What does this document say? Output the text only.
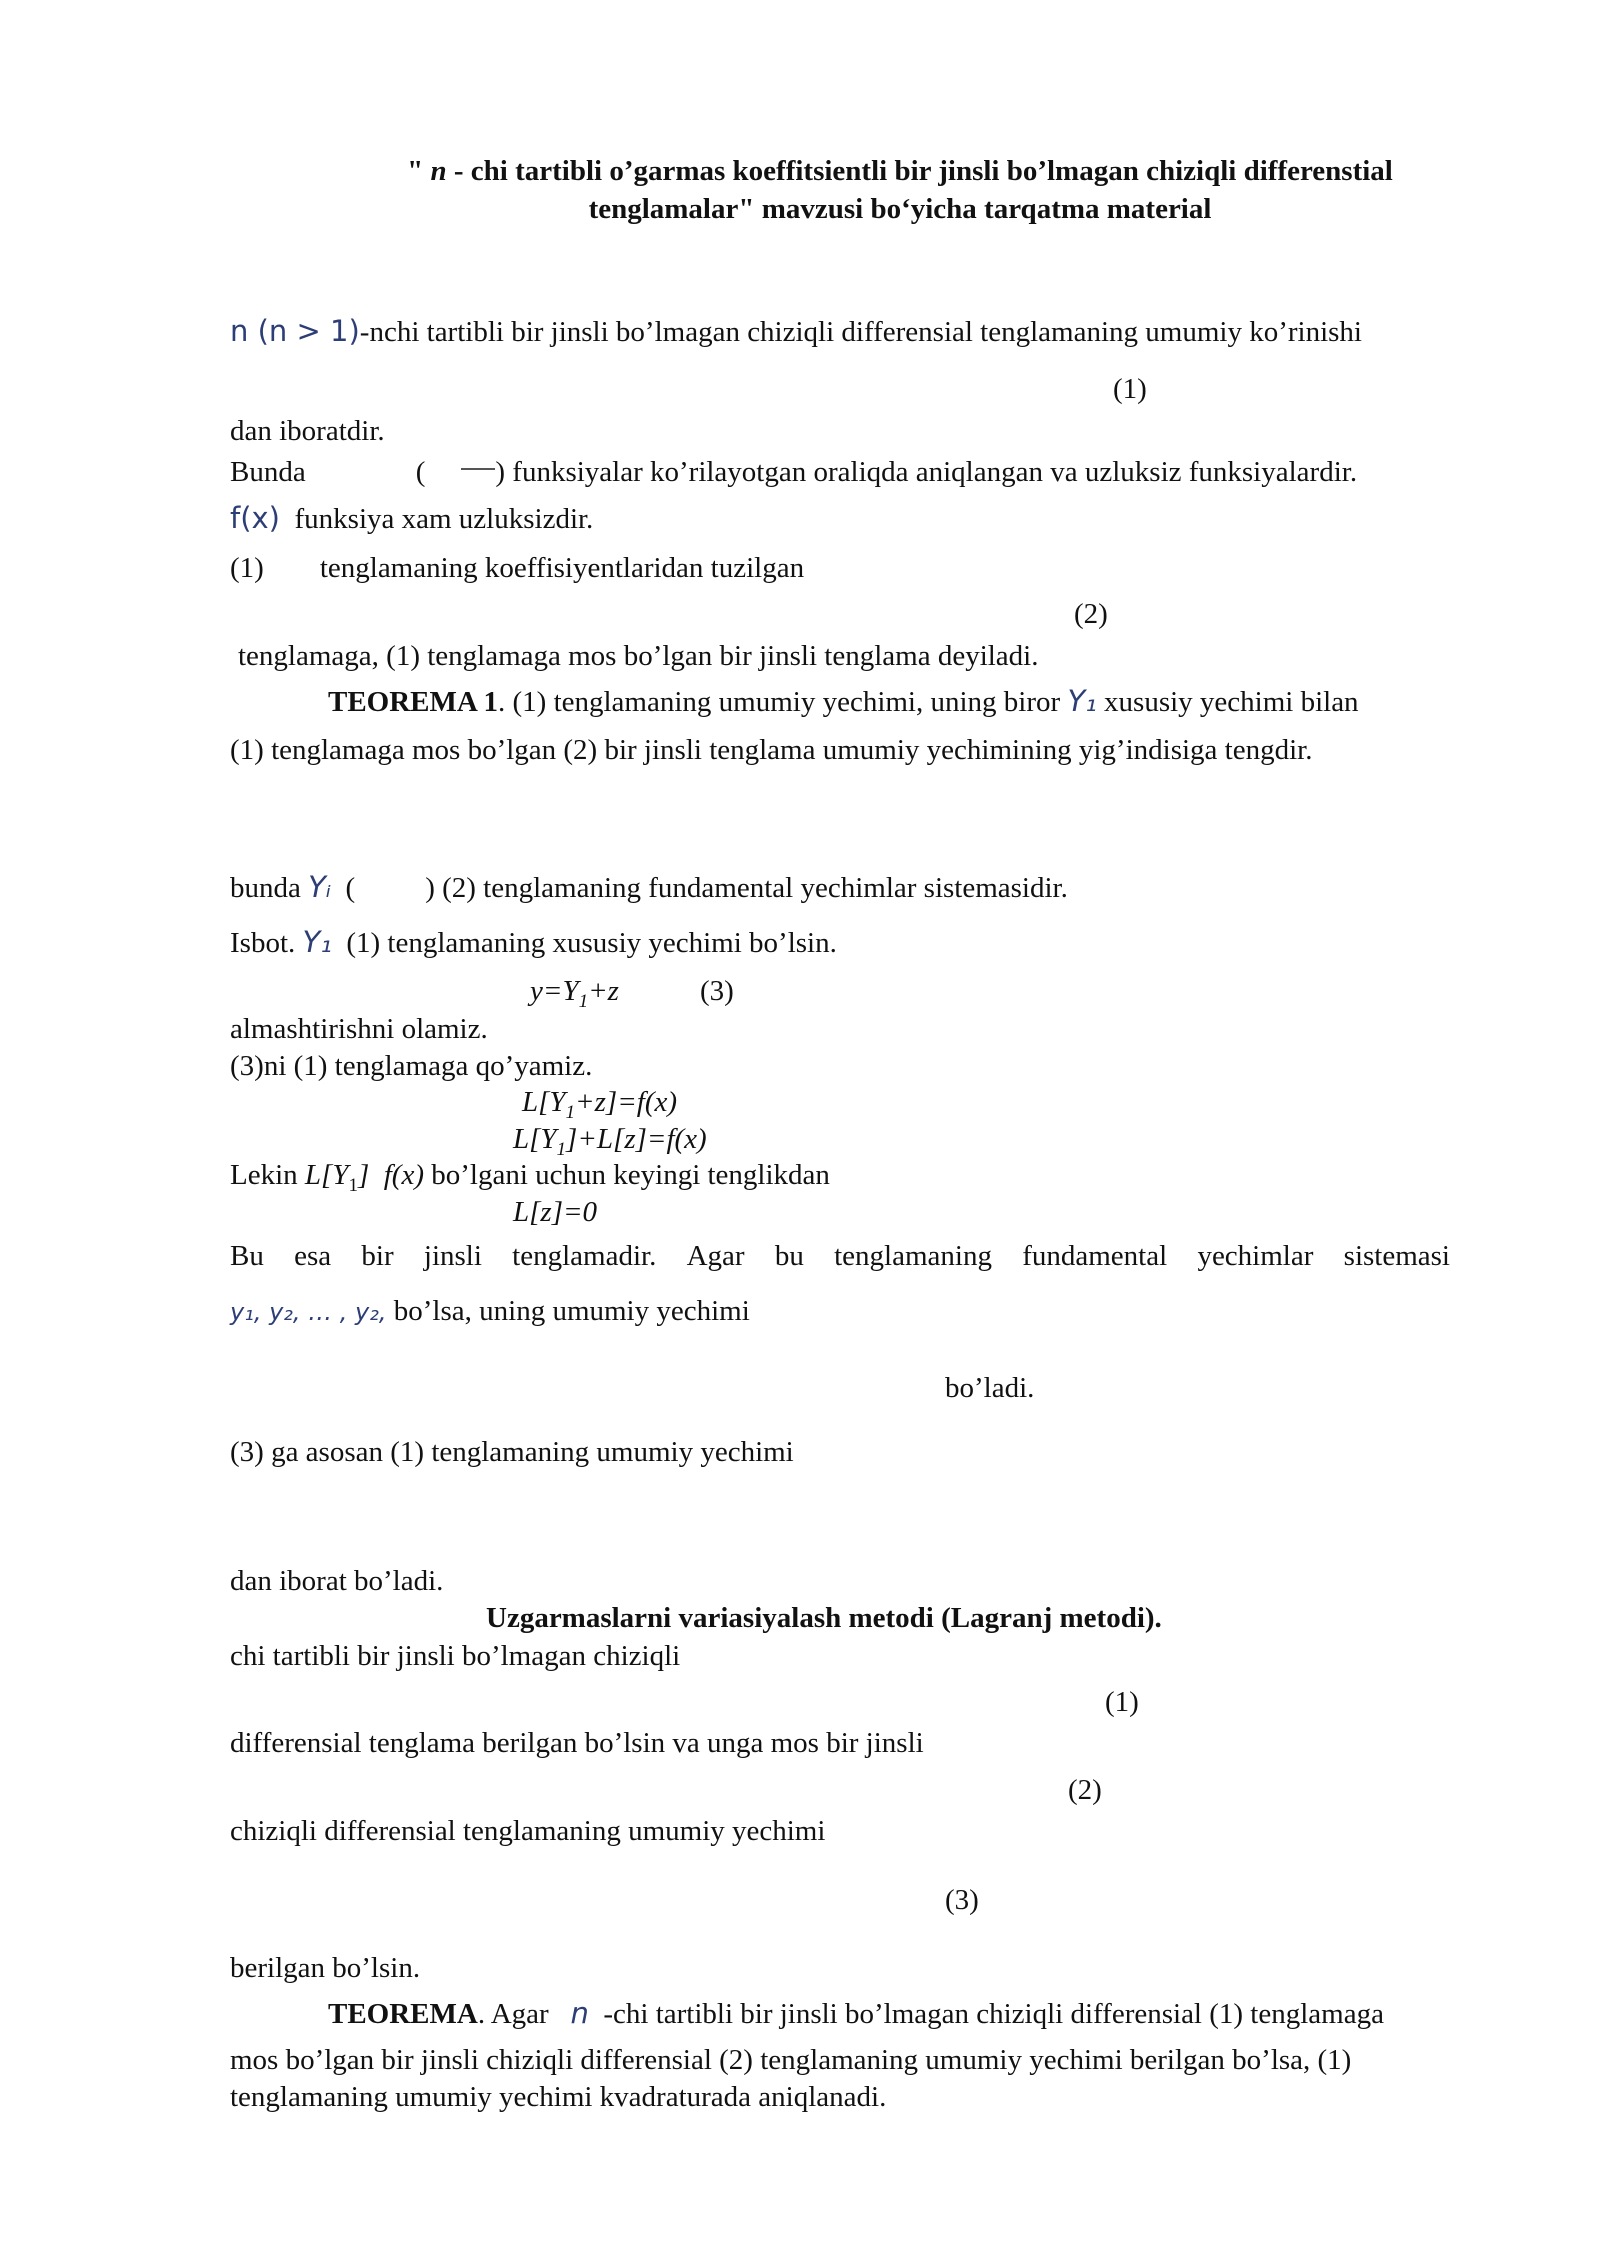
" n - chi tartibli o’garmas koeffitsientli bir jinsli bo’lmagan chiziqli differenstial
tenglamalar" mavzusi bo‘yicha tarqatma material
n (n > 1)-nchi tartibli bir jinsli bo’lmagan chiziqli differensial tenglamaning umumiy ko’rinishi
(1)
dan iboratdir.
Bunda	( ) funksiyalar ko’rilayotgan oraliqda aniqlangan va uzluksiz funksiyalardir.
f(x) funksiya xam uzluksizdir.
(1) tenglamaning koeffisiyentlaridan tuzilgan
(2)
tenglamaga, (1) tenglamaga mos bo’lgan bir jinsli tenglama deyiladi.
TEOREMA 1. (1) tenglamaning umumiy yechimi, uning biror Y₁ xususiy yechimi bilan
(1) tenglamaga mos bo’lgan (2) bir jinsli tenglama umumiy yechimining yig’indisiga tengdir.
bunda Yᵢ ( ) (2) tenglamaning fundamental yechimlar sistemasidir.
Isbot. Y₁ (1) tenglamaning xususiy yechimi bo’lsin.
$y=Y_1+z$	(3)
almashtirishni olamiz.
(3)ni (1) tenglamaga qo’yamiz.
$L[Y_1+z]=f(x)$
$L[Y_1]+L[z]=f(x)$
Lekin $L[Y_1]$ f(x) bo’lgani uchun keyingi tenglikdan
L[z]=0
Bu esa bir jinsli tenglamadir. Agar bu tenglamaning fundamental yechimlar sistemasi
y₁, y₂, … , y₂, bo’lsa, uning umumiy yechimi
bo’ladi.
(3) ga asosan (1) tenglamaning umumiy yechimi
dan iborat bo’ladi.
Uzgarmaslarni variasiyalash metodi (Lagranj metodi).
chi tartibli bir jinsli bo’lmagan chiziqli
(1)
differensial tenglama berilgan bo’lsin va unga mos bir jinsli
(2)
chiziqli differensial tenglamaning umumiy yechimi
(3)
berilgan bo’lsin.
TEOREMA. Agar n -chi tartibli bir jinsli bo’lmagan chiziqli differensial (1) tenglamaga
mos bo’lgan bir jinsli chiziqli differensial (2) tenglamaning umumiy yechimi berilgan bo’lsa, (1)
tenglamaning umumiy yechimi kvadraturada aniqlanadi.
